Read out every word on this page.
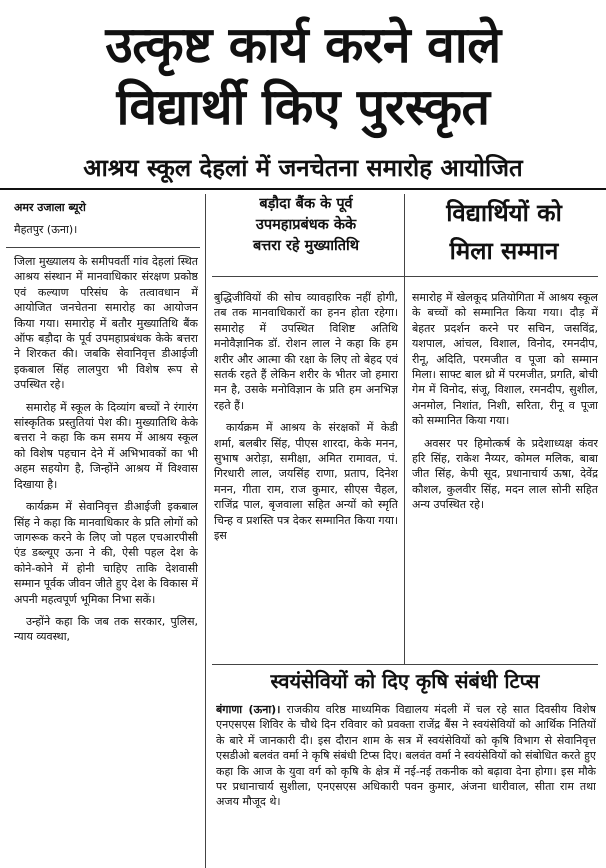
उत्कृष्ट कार्य करने वाले
विद्यार्थी किए पुरस्कृत
आश्रय स्कूल देहलां में जनचेतना समारोह आयोजित
अमर उजाला ब्यूरो
मैहतपुर (ऊना)।
बड़ौदा बैंक के पूर्व
उपमहाप्रबंधक केके
बत्तरा रहे मुख्यातिथि
विद्यार्थियों को
मिला सम्मान

जिला मुख्यालय के समीपवर्ती गांव देहलां स्थित आश्रय संस्थान में मानवाधिकार संरक्षण प्रकोष्ठ एवं कल्याण परिसंघ के तत्वावधान में आयोजित जनचेतना समारोह का आयोजन किया गया। समारोह में बतौर मुख्यातिथि बैंक ऑफ बड़ौदा के पूर्व उपमहाप्रबंधक केके बत्तरा ने शिरकत की। जबकि सेवानिवृत्त डीआईजी इकबाल सिंह लालपुरा भी विशेष रूप से उपस्थित रहे।

समारोह में स्कूल के दिव्यांग बच्चों ने रंगारंग सांस्कृतिक प्रस्तुतियां पेश की। मुख्यातिथि केके बत्तरा ने कहा कि कम समय में आश्रय स्कूल को विशेष पहचान देने में अभिभावकों का भी अहम सहयोग है, जिन्होंने आश्रय में विश्वास दिखाया है।

कार्यक्रम में सेवानिवृत्त डीआईजी इकबाल सिंह ने कहा कि मानवाधिकार के प्रति लोगों को जागरूक करने के लिए जो पहल एचआरपीसी एंड डब्ल्यूए ऊना ने की, ऐसी पहल देश के कोने-कोने में होनी चाहिए ताकि देशवासी सम्मान पूर्वक जीवन जीते हुए देश के विकास में अपनी महत्वपूर्ण भूमिका निभा सकें।

उन्होंने कहा कि जब तक सरकार, पुलिस, न्याय व्यवस्था,

बुद्धिजीवियों की सोच व्यावहारिक नहीं होगी, तब तक मानवाधिकारों का हनन होता रहेगा। समारोह में उपस्थित विशिष्ट अतिथि मनोवैज्ञानिक डॉ. रोशन लाल ने कहा कि हम शरीर और आत्मा की रक्षा के लिए तो बेहद एवं सतर्क रहते हैं लेकिन शरीर के भीतर जो हमारा मन है, उसके मनोविज्ञान के प्रति हम अनभिज्ञ रहते हैं।

कार्यक्रम में आश्रय के संरक्षकों में केडी शर्मा, बलबीर सिंह, पीएस शारदा, केके मनन, सुभाष अरोड़ा, समीक्षा, अमित रामावत, पं. गिरधारी लाल, जयसिंह राणा, प्रताप, दिनेश मनन, गीता राम, राज कुमार, सीएस चैहल, राजिंद्र पाल, बृजवाला सहित अन्यों को स्मृति चिन्ह व प्रशस्ति पत्र देकर सम्मानित किया गया। इस

समारोह में खेलकूद प्रतियोगिता में आश्रय स्कूल के बच्चों को सम्मानित किया गया। दौड़ में बेहतर प्रदर्शन करने पर सचिन, जसविंद्र, यशपाल, आंचल, विशाल, विनोद, रमनदीप, रीनू, अदिति, परमजीत व पूजा को सम्मान मिला। साफ्ट बाल थ्रो में परमजीत, प्रगति, बोची गेम में विनोद, संजू, विशाल, रमनदीप, सुशील, अनमोल, निशांत, निशी, सरिता, रीनू व पूजा को सम्मानित किया गया।

अवसर पर हिमोत्कर्ष के प्रदेशाध्यक्ष कंवर हरि सिंह, राकेश नैय्यर, कोमल मलिक, बाबा जीत सिंह, केपी सूद, प्रधानाचार्य ऊषा, देवेंद्र कौशल, कुलवीर सिंह, मदन लाल सोनी सहित अन्य उपस्थित रहे।

स्वयंसेवियों को दिए कृषि संबंधी टिप्स

बंगाणा (ऊना)। राजकीय वरिष्ठ माध्यमिक विद्यालय मंदली में चल रहे सात दिवसीय विशेष एनएसएस शिविर के चौथे दिन रविवार को प्रवक्ता राजेंद्र बैंस ने स्वयंसेवियों को आर्थिक नितियों के बारे में जानकारी दी। इस दौरान शाम के सत्र में स्वयंसेवियों को कृषि विभाग से सेवानिवृत्त एसडीओ बलवंत वर्मा ने कृषि संबंधी टिप्स दिए। बलवंत वर्मा ने स्वयंसेवियों को संबोधित करते हुए कहा कि आज के युवा वर्ग को कृषि के क्षेत्र में नई-नई तकनीक को बढ़ावा देना होगा। इस मौके पर प्रधानाचार्य सुशीला, एनएसएस अधिकारी पवन कुमार, अंजना धारीवाल, सीता राम तथा अजय मौजूद थे।
